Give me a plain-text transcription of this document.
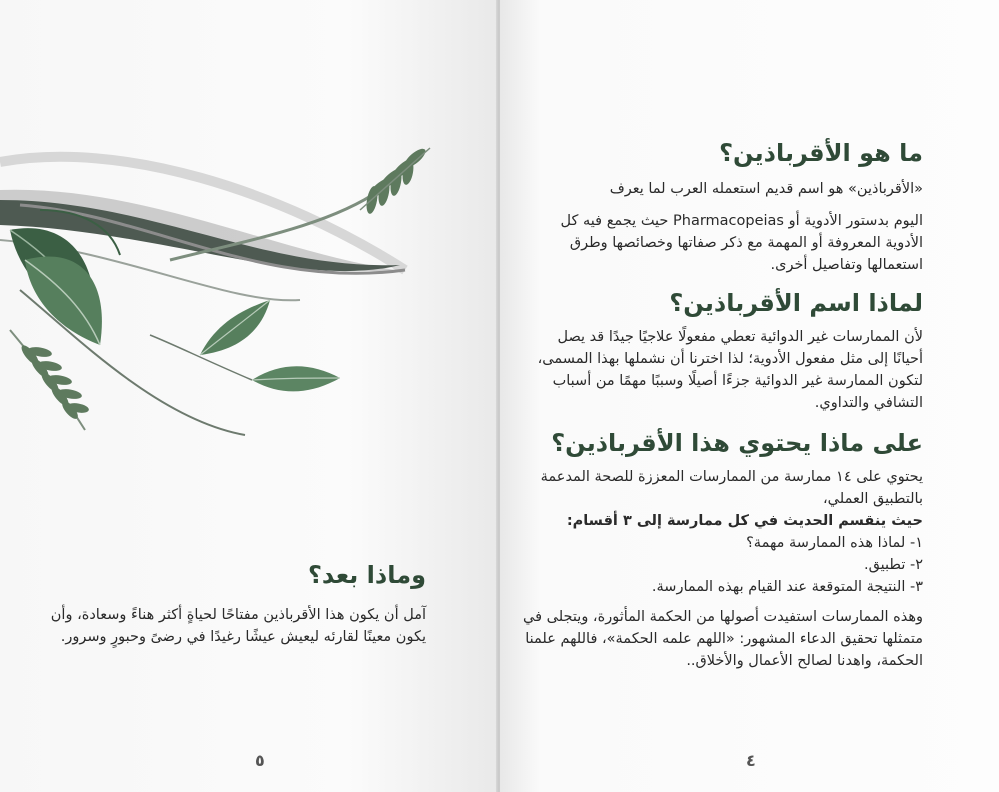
وماذا بعد؟

آمل أن يكون هذا الأقرباذين مفتاحًا لحياةٍ أكثر هناءً وسعادة، وأن يكون معينًا لقارئه ليعيش عيشًا رغيدًا في رضىً وحبورٍ وسرور.

٥
ما هو الأقرباذين؟

«الأقرباذين» هو اسم قديم استعمله العرب لما يعرف

اليوم بدستور الأدوية أو Pharmacopeias حيث يجمع فيه كل الأدوية المعروفة أو المهمة مع ذكر صفاتها وخصائصها وطرق استعمالها وتفاصيل أخرى.

لماذا اسم الأقرباذين؟

لأن الممارسات غير الدوائية تعطي مفعولًا علاجيًا جيدًا قد يصل أحيانًا إلى مثل مفعول الأدوية؛ لذا اخترنا أن نشملها بهذا المسمى، لتكون الممارسة غير الدوائية جزءًا أصيلًا وسببًا مهمًا من أسباب التشافي والتداوي.

على ماذا يحتوي هذا الأقرباذين؟

يحتوي على ١٤ ممارسة من الممارسات المعززة للصحة المدعمة بالتطبيق العملي،

حيث ينقسم الحديث في كل ممارسة إلى ٣ أقسام:

١- لماذا هذه الممارسة مهمة؟

٢- تطبيق.

٣- النتيجة المتوقعة عند القيام بهذه الممارسة.

وهذه الممارسات استفيدت أصولها من الحكمة المأثورة، ويتجلى في متمثلها تحقيق الدعاء المشهور: «اللهم علمه الحكمة»، فاللهم علمنا الحكمة، واهدنا لصالح الأعمال والأخلاق..

٤
